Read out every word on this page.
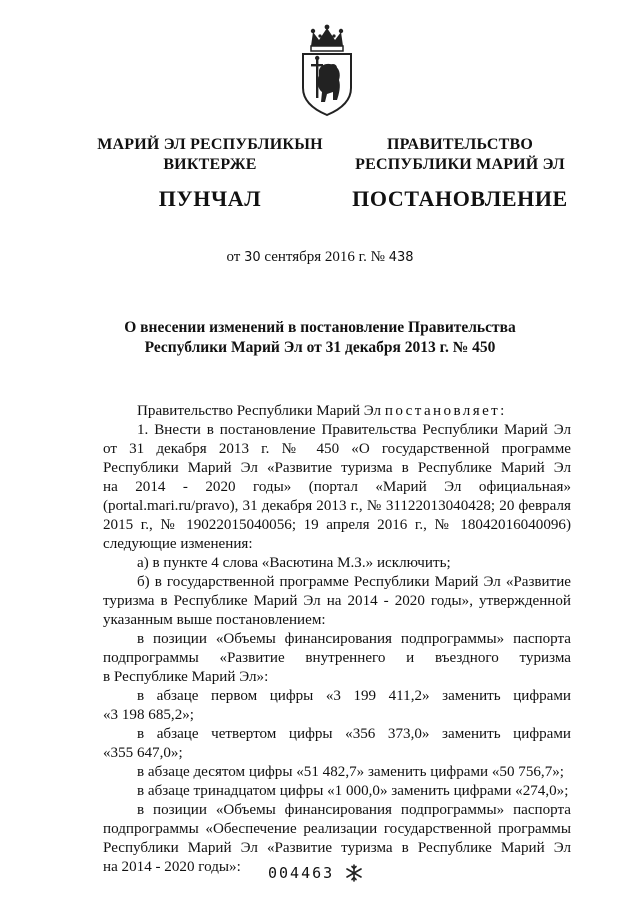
МАРИЙ ЭЛ РЕСПУБЛИКЫН
ВИКТЕРЖЕ
ПУНЧАЛ
ПРАВИТЕЛЬСТВО
РЕСПУБЛИКИ МАРИЙ ЭЛ
ПОСТАНОВЛЕНИЕ
от 30 сентября 2016 г. № 438
О внесении изменений в постановление Правительства
Республики Марий Эл от 31 декабря 2013 г. № 450

Правительство Республики Марий Эл постановляет:

1. Внести в постановление Правительства Республики Марий Эл

от 31 декабря 2013 г. № 450 «О государственной программе

Республики Марий Эл «Развитие туризма в Республике Марий Эл

на 2014 - 2020 годы» (портал «Марий Эл официальная»

(portal.mari.ru/pravo), 31 декабря 2013 г., № 31122013040428; 20 февраля

2015 г., № 19022015040056; 19 апреля 2016 г., № 18042016040096)

следующие изменения:

а) в пункте 4 слова «Васютина М.З.» исключить;

б) в государственной программе Республики Марий Эл «Развитие

туризма в Республике Марий Эл на 2014 - 2020 годы», утвержденной

указанным выше постановлением:

в позиции «Объемы финансирования подпрограммы» паспорта

подпрограммы «Развитие внутреннего и въездного туризма

в Республике Марий Эл»:

в абзаце первом цифры «3 199 411,2» заменить цифрами

«3 198 685,2»;

в абзаце четвертом цифры «356 373,0» заменить цифрами

«355 647,0»;

в абзаце десятом цифры «51 482,7» заменить цифрами «50 756,7»;

в абзаце тринадцатом цифры «1 000,0» заменить цифрами «274,0»;

в позиции «Объемы финансирования подпрограммы» паспорта

подпрограммы «Обеспечение реализации государственной программы

Республики Марий Эл «Развитие туризма в Республике Марий Эл

на 2014 - 2020 годы»:	004463
